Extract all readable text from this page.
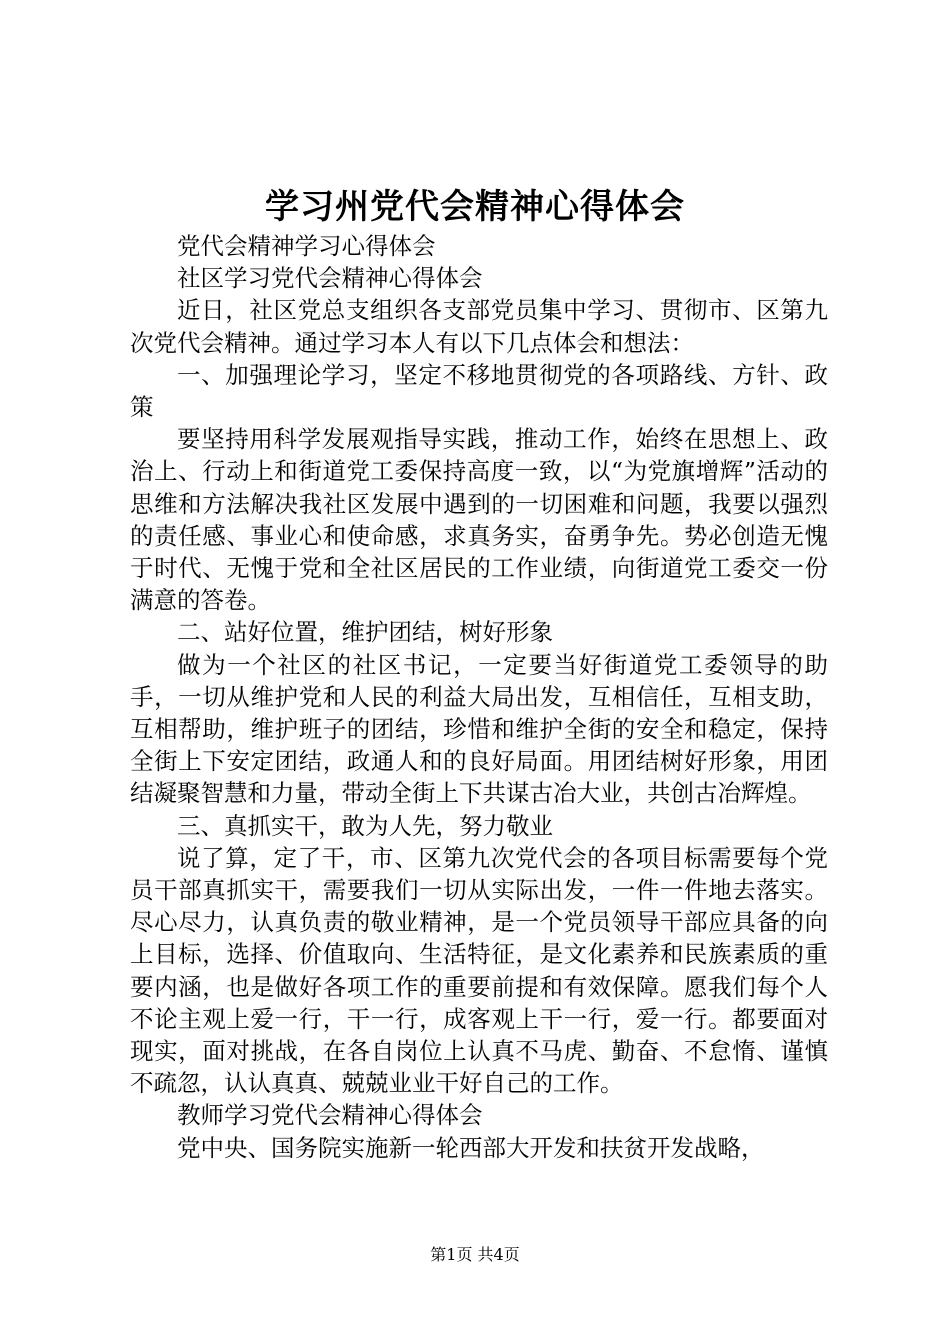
学习州党代会精神心得体会

党代会精神学习心得体会

社区学习党代会精神心得体会

近日，社区党总支组织各支部党员集中学习、贯彻市、区第九次党代会精神。通过学习本人有以下几点体会和想法：

一、加强理论学习，坚定不移地贯彻党的各项路线、方针、政策

要坚持用科学发展观指导实践，推动工作，始终在思想上、政治上、行动上和街道党工委保持高度一致，以“为党旗增辉”活动的思维和方法解决我社区发展中遇到的一切困难和问题，我要以强烈的责任感、事业心和使命感，求真务实，奋勇争先。势必创造无愧于时代、无愧于党和全社区居民的工作业绩，向街道党工委交一份满意的答卷。

二、站好位置，维护团结，树好形象

做为一个社区的社区书记，一定要当好街道党工委领导的助手，一切从维护党和人民的利益大局出发，互相信任，互相支助，互相帮助，维护班子的团结，珍惜和维护全街的安全和稳定，保持全街上下安定团结，政通人和的良好局面。用团结树好形象，用团结凝聚智慧和力量，带动全街上下共谋古冶大业，共创古冶辉煌。

三、真抓实干，敢为人先，努力敬业

说了算，定了干，市、区第九次党代会的各项目标需要每个党员干部真抓实干，需要我们一切从实际出发，一件一件地去落实。尽心尽力，认真负责的敬业精神，是一个党员领导干部应具备的向上目标，选择、价值取向、生活特征，是文化素养和民族素质的重要内涵，也是做好各项工作的重要前提和有效保障。愿我们每个人不论主观上爱一行，干一行，成客观上干一行，爱一行。都要面对现实，面对挑战，在各自岗位上认真不马虎、勤奋、不怠惰、谨慎不疏忽，认认真真、兢兢业业干好自己的工作。

教师学习党代会精神心得体会

党中央、国务院实施新一轮西部大开发和扶贫开发战略，

第1页 共4页
